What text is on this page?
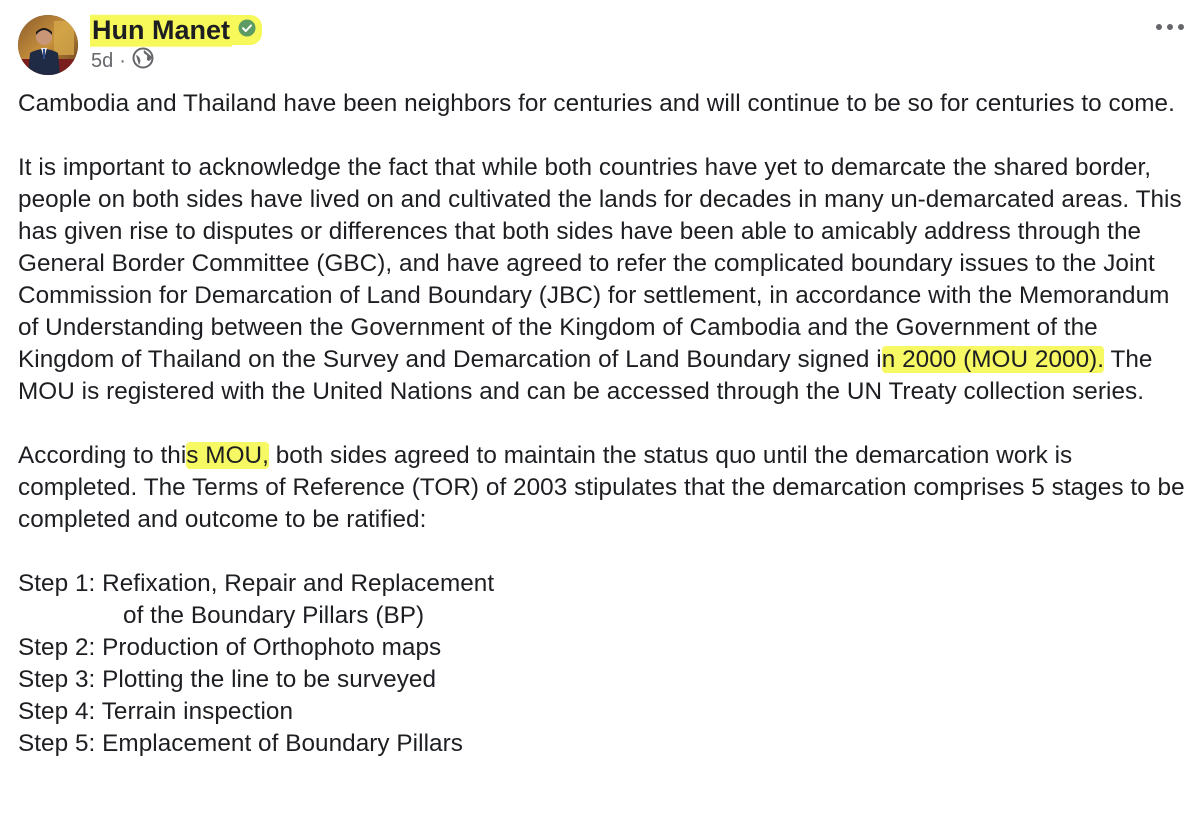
Hun Manet
5d ·

Cambodia and Thailand have been neighbors for centuries and will continue to be so for centuries to come.

It is important to acknowledge the fact that while both countries have yet to demarcate the shared border, people on both sides have lived on and cultivated the lands for decades in many un-demarcated areas. This has given rise to disputes or differences that both sides have been able to amicably address through the General Border Committee (GBC), and have agreed to refer the complicated boundary issues to the Joint Commission for Demarcation of Land Boundary (JBC) for settlement, in accordance with the Memorandum of Understanding between the Government of the Kingdom of Cambodia and the Government of the Kingdom of Thailand on the Survey and Demarcation of Land Boundary signed in 2000 (MOU 2000). The MOU is registered with the United Nations and can be accessed through the UN Treaty collection series.

According to this MOU, both sides agreed to maintain the status quo until the demarcation work is completed. The Terms of Reference (TOR) of 2003 stipulates that the demarcation comprises 5 stages to be completed and outcome to be ratified:

Step 1: Refixation, Repair and Replacement
of the Boundary Pillars (BP)
Step 2: Production of Orthophoto maps
Step 3: Plotting the line to be surveyed
Step 4: Terrain inspection
Step 5: Emplacement of Boundary Pillars
